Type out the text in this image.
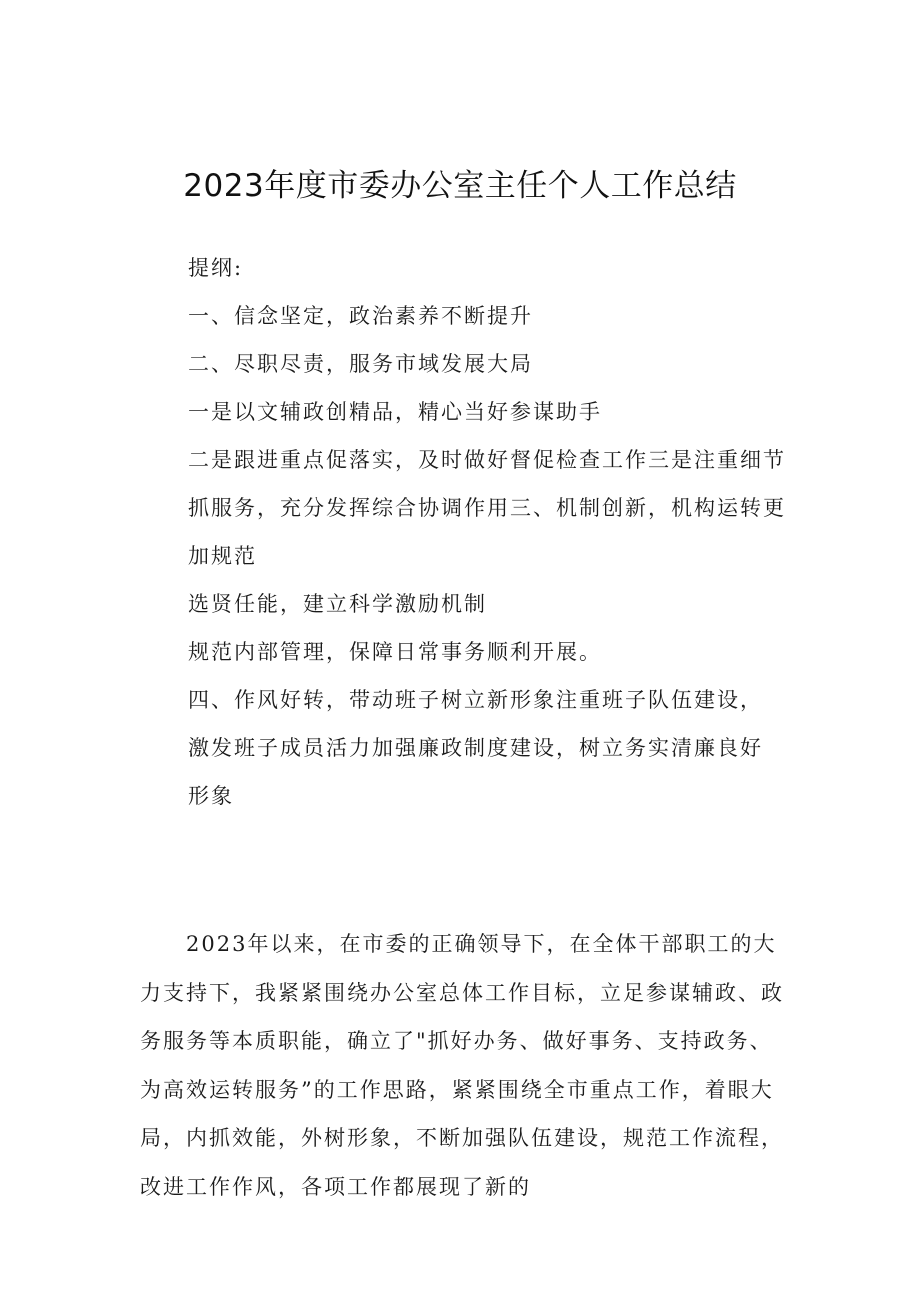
2023年度市委办公室主任个人工作总结
提纲:
一、信念坚定，政治素养不断提升
二、尽职尽责，服务市域发展大局
一是以文辅政创精品，精心当好参谋助手
二是跟进重点促落实，及时做好督促检查工作三是注重细节
抓服务，充分发挥综合协调作用三、机制创新，机构运转更
加规范
选贤任能，建立科学激励机制
规范内部管理，保障日常事务顺利开展。
四、作风好转，带动班子树立新形象注重班子队伍建设，
激发班子成员活力加强廉政制度建设，树立务实清廉良好
形象
2023年以来，在市委的正确领导下，在全体干部职工的大
力支持下，我紧紧围绕办公室总体工作目标，立足参谋辅政、政
务服务等本质职能，确立了"抓好办务、做好事务、支持政务、
为高效运转服务”的工作思路，紧紧围绕全市重点工作，着眼大
局，内抓效能，外树形象，不断加强队伍建设，规范工作流程，
改进工作作风，各项工作都展现了新的
